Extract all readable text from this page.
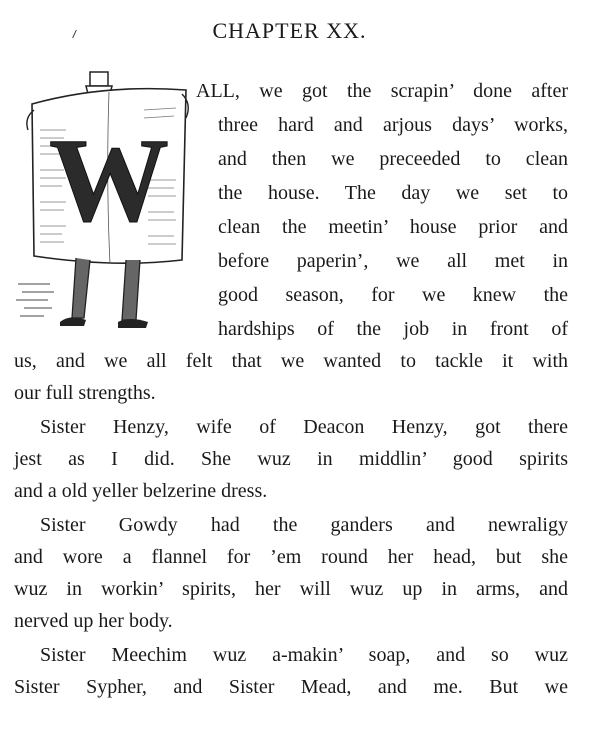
CHAPTER XX.
W
ALL, we got the scrapin’ done after
three hard and arjous days’ works,
and then we preceeded to clean
the house. The day we set to
clean the meetin’ house prior and
before paperin’, we all met in
good season, for we knew the
hardships of the job in front of
us, and we all felt that we wanted to tackle it with
our full strengths.
Sister Henzy, wife of Deacon Henzy, got there
jest as I did. She wuz in middlin’ good spirits
and a old yeller belzerine dress.
Sister Gowdy had the ganders and newraligy
and wore a flannel for ’em round her head, but she
wuz in workin’ spirits, her will wuz up in arms, and
nerved up her body.
Sister Meechim wuz a-makin’ soap, and so wuz
Sister Sypher, and Sister Mead, and me. But we
